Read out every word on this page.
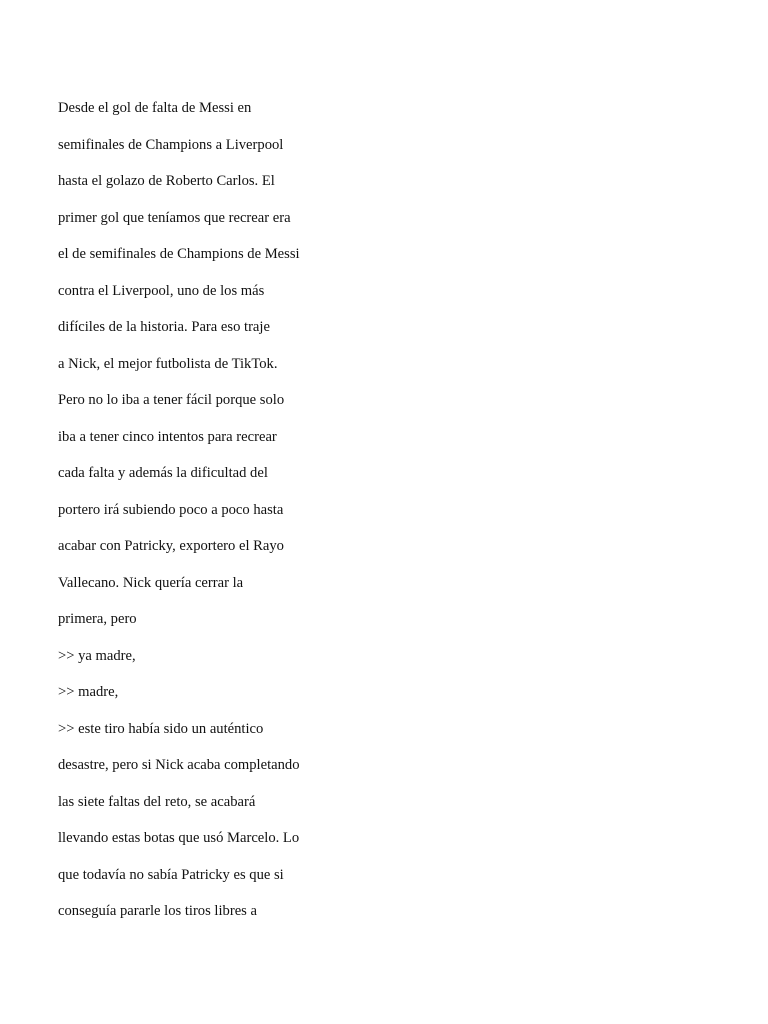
Desde el gol de falta de Messi en
semifinales de Champions a Liverpool
hasta el golazo de Roberto Carlos. El
primer gol que teníamos que recrear era
el de semifinales de Champions de Messi
contra el Liverpool, uno de los más
difíciles de la historia. Para eso traje
a Nick, el mejor futbolista de TikTok.
Pero no lo iba a tener fácil porque solo
iba a tener cinco intentos para recrear
cada falta y además la dificultad del
portero irá subiendo poco a poco hasta
acabar con Patricky, exportero el Rayo
Vallecano. Nick quería cerrar la
primera, pero
>> ya madre,
>> madre,
>> este tiro había sido un auténtico
desastre, pero si Nick acaba completando
las siete faltas del reto, se acabará
llevando estas botas que usó Marcelo. Lo
que todavía no sabía Patricky es que si
conseguía pararle los tiros libres a
